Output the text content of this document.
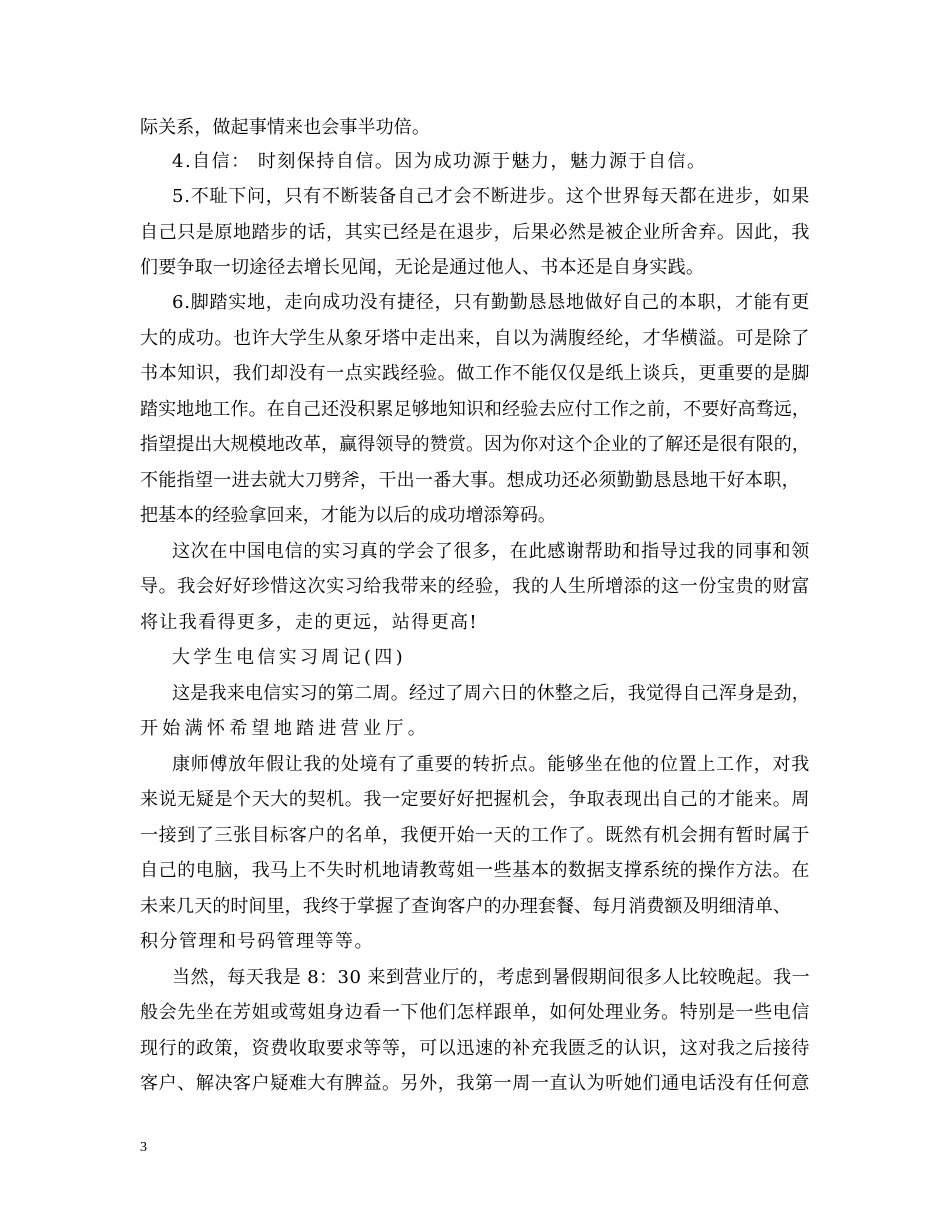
际关系，做起事情来也会事半功倍。
4.自信： 时刻保持自信。因为成功源于魅力，魅力源于自信。
5.不耻下问，只有不断装备自己才会不断进步。这个世界每天都在进步，如果
自己只是原地踏步的话，其实已经是在退步，后果必然是被企业所舍弃。因此，我
们要争取一切途径去增长见闻，无论是通过他人、书本还是自身实践。
6.脚踏实地，走向成功没有捷径，只有勤勤恳恳地做好自己的本职，才能有更
大的成功。也许大学生从象牙塔中走出来，自以为满腹经纶，才华横溢。可是除了
书本知识，我们却没有一点实践经验。做工作不能仅仅是纸上谈兵，更重要的是脚
踏实地地工作。在自己还没积累足够地知识和经验去应付工作之前，不要好高骛远，
指望提出大规模地改革，赢得领导的赞赏。因为你对这个企业的了解还是很有限的，
不能指望一进去就大刀劈斧，干出一番大事。想成功还必须勤勤恳恳地干好本职，
把基本的经验拿回来，才能为以后的成功增添筹码。
这次在中国电信的实习真的学会了很多，在此感谢帮助和指导过我的同事和领
导。我会好好珍惜这次实习给我带来的经验，我的人生所增添的这一份宝贵的财富
将让我看得更多，走的更远，站得更高!
大学生电信实习周记(四)
这是我来电信实习的第二周。经过了周六日的休整之后，我觉得自己浑身是劲，
开始满怀希望地踏进营业厅。
康师傅放年假让我的处境有了重要的转折点。能够坐在他的位置上工作，对我
来说无疑是个天大的契机。我一定要好好把握机会，争取表现出自己的才能来。周
一接到了三张目标客户的名单，我便开始一天的工作了。既然有机会拥有暂时属于
自己的电脑，我马上不失时机地请教莺姐一些基本的数据支撑系统的操作方法。在
未来几天的时间里，我终于掌握了查询客户的办理套餐、每月消费额及明细清单、
积分管理和号码管理等等。
当然，每天我是 8：30 来到营业厅的，考虑到暑假期间很多人比较晚起。我一
般会先坐在芳姐或莺姐身边看一下他们怎样跟单，如何处理业务。特别是一些电信
现行的政策，资费收取要求等等，可以迅速的补充我匮乏的认识，这对我之后接待
客户、解决客户疑难大有脾益。另外，我第一周一直认为听她们通电话没有任何意
3
